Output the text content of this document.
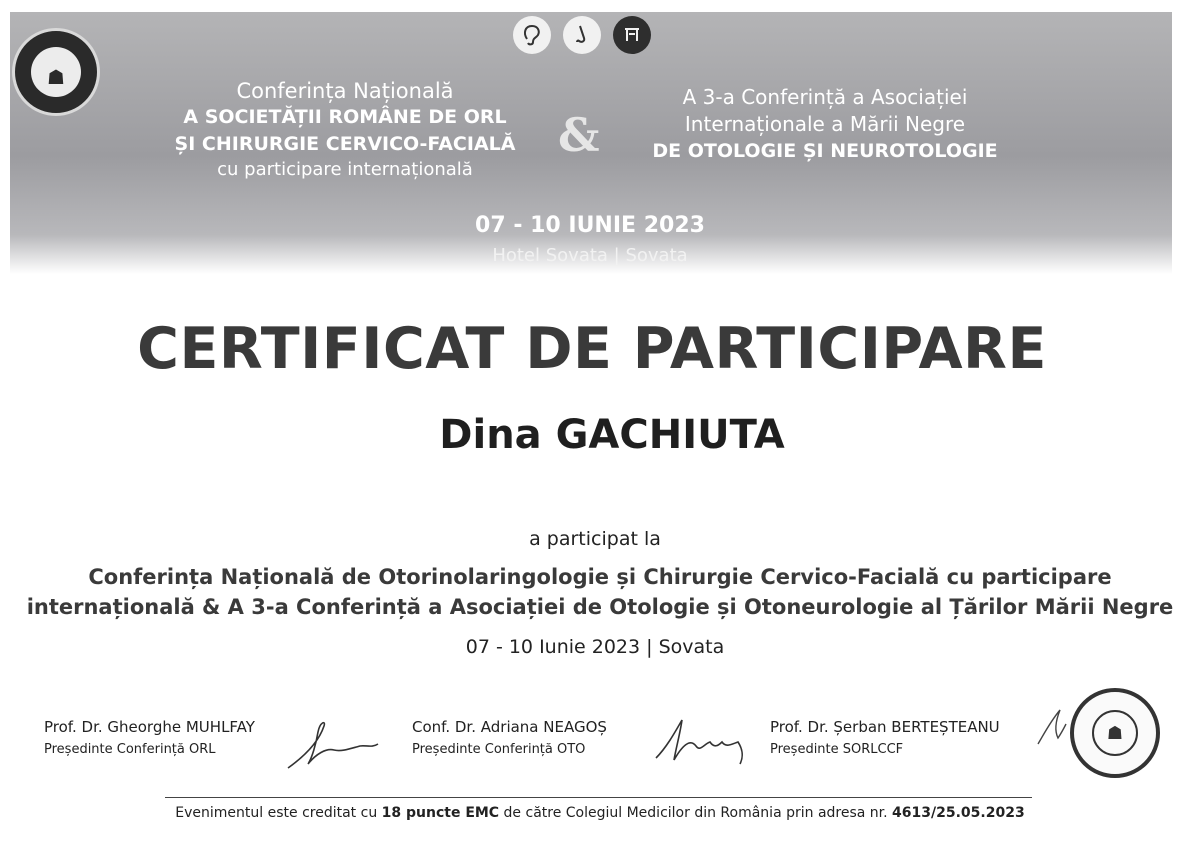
☗
Conferința Națională
A SOCIETĂȚII ROMÂNE DE ORL
ȘI CHIRURGIE CERVICO-FACIALĂ
cu participare internațională
&
A 3-a Conferință a Asociației
Internaționale a Mării Negre
DE OTOLOGIE ȘI NEUROTOLOGIE
07 - 10 IUNIE 2023
Hotel Sovata | Sovata
CERTIFICAT DE PARTICIPARE
Dina GACHIUTA
a participat la
Conferința Națională de Otorinolaringologie și Chirurgie Cervico-Facială cu participare
internațională & A 3-a Conferință a Asociației de Otologie și Otoneurologie al Țărilor Mării Negre
07 - 10 Iunie 2023 | Sovata
Prof. Dr. Gheorghe MUHLFAY
Președinte Conferință ORL
Conf. Dr. Adriana NEAGOȘ
Președinte Conferință OTO
Prof. Dr. Șerban BERTEȘTEANU
Președinte SORLCCF
☗
Evenimentul este creditat cu 18 puncte EMC de către Colegiul Medicilor din România prin adresa nr. 4613/25.05.2023
